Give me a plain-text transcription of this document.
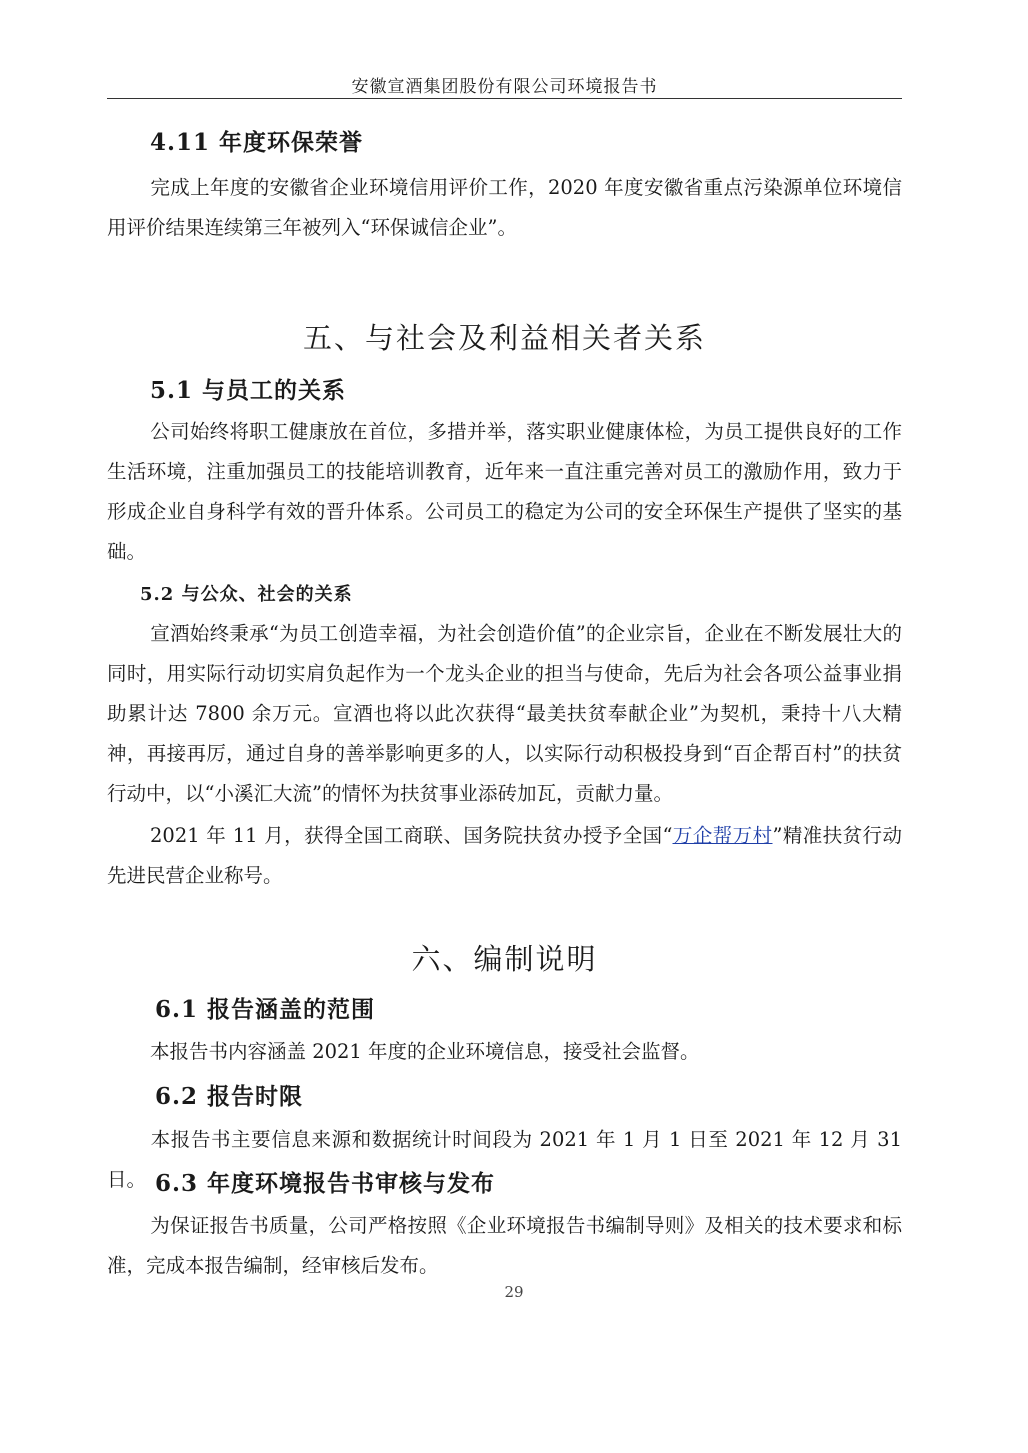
安徽宣酒集团股份有限公司环境报告书
4.11 年度环保荣誉

完成上年度的安徽省企业环境信用评价工作，2020 年度安徽省重点污染源单位环境信用评价结果连续第三年被列入“环保诚信企业”。

五、与社会及利益相关者关系
5.1 与员工的关系

公司始终将职工健康放在首位，多措并举，落实职业健康体检，为员工提供良好的工作生活环境，注重加强员工的技能培训教育，近年来一直注重完善对员工的激励作用，致力于形成企业自身科学有效的晋升体系。公司员工的稳定为公司的安全环保生产提供了坚实的基础。

5.2 与公众、社会的关系

宣酒始终秉承“为员工创造幸福，为社会创造价值”的企业宗旨，企业在不断发展壮大的同时，用实际行动切实肩负起作为一个龙头企业的担当与使命，先后为社会各项公益事业捐助累计达 7800 余万元。宣酒也将以此次获得“最美扶贫奉献企业”为契机，秉持十八大精神，再接再厉，通过自身的善举影响更多的人，以实际行动积极投身到“百企帮百村”的扶贫行动中，以“小溪汇大流”的情怀为扶贫事业添砖加瓦，贡献力量。

2021 年 11 月，获得全国工商联、国务院扶贫办授予全国“万企帮万村”精准扶贫行动先进民营企业称号。

六、编制说明
6.1 报告涵盖的范围

本报告书内容涵盖 2021 年度的企业环境信息，接受社会监督。

6.2 报告时限

本报告书主要信息来源和数据统计时间段为 2021 年 1 月 1 日至 2021 年 12 月 31 日。 6.3 年度环境报告书审核与发布

为保证报告书质量，公司严格按照《企业环境报告书编制导则》及相关的技术要求和标准，完成本报告编制，经审核后发布。

29
